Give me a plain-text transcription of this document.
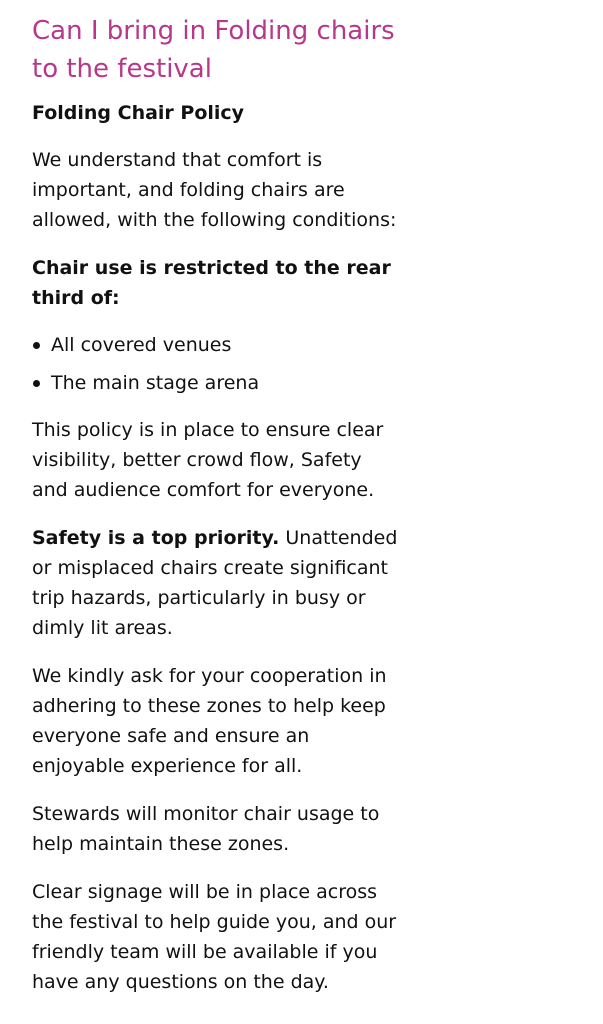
Can I bring in Folding chairs to the festival

Folding Chair Policy

We understand that comfort is important, and folding chairs are allowed, with the following conditions:

Chair use is restricted to the rear third of:

All covered venues
The main stage arena

This policy is in place to ensure clear visibility, better crowd flow, Safety and audience comfort for everyone.

Safety is a top priority. Unattended or misplaced chairs create significant trip hazards, particularly in busy or dimly lit areas.

We kindly ask for your cooperation in adhering to these zones to help keep everyone safe and ensure an enjoyable experience for all.

Stewards will monitor chair usage to help maintain these zones.

Clear signage will be in place across the festival to help guide you, and our friendly team will be available if you have any questions on the day.
